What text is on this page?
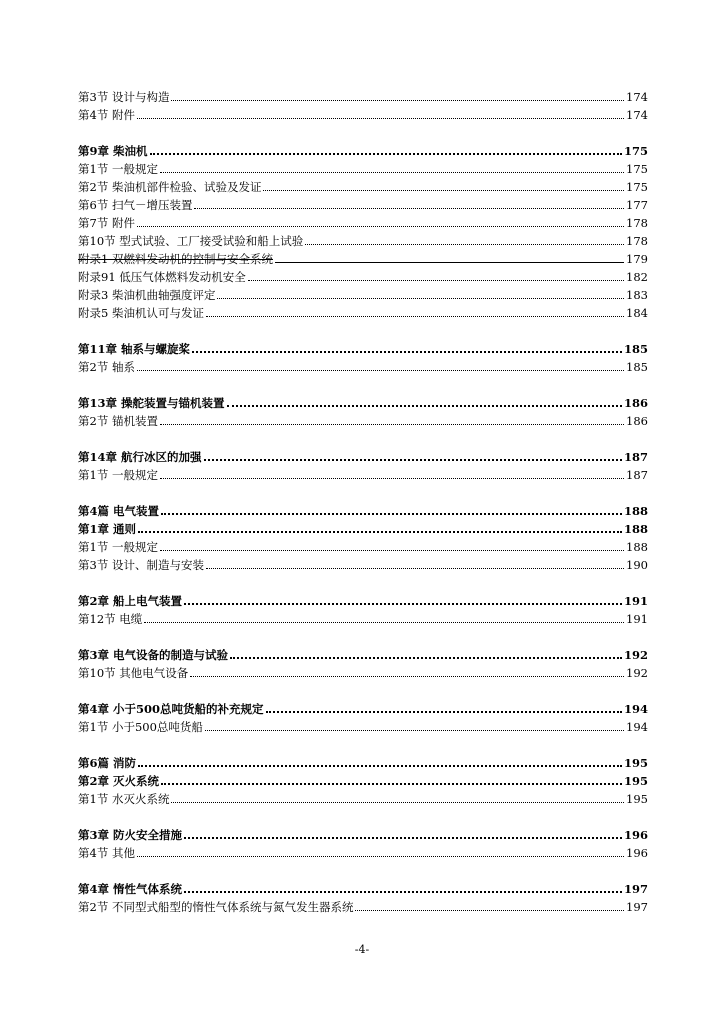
第3节 设计与构造	174
第4节 附件	174
第9章 柴油机	175
第1节 一般规定	175
第2节 柴油机部件检验、试验及发证	175
第6节 扫气－增压装置	177
第7节 附件	178
第10节 型式试验、工厂接受试验和船上试验	178
附录1 双燃料发动机的控制与安全系统	179
附录91 低压气体燃料发动机安全	182
附录3 柴油机曲轴强度评定	183
附录5 柴油机认可与发证	184
第11章 轴系与螺旋桨	185
第2节 轴系	185
第13章 操舵装置与锚机装置	186
第2节 锚机装置	186
第14章 航行冰区的加强	187
第1节 一般规定	187
第4篇 电气装置	188
第1章 通则	188
第1节 一般规定	188
第3节 设计、制造与安装	190
第2章 船上电气装置	191
第12节 电缆	191
第3章 电气设备的制造与试验	192
第10节 其他电气设备	192
第4章 小于500总吨货船的补充规定	194
第1节 小于500总吨货船	194
第6篇 消防	195
第2章 灭火系统	195
第1节 水灭火系统	195
第3章 防火安全措施	196
第4节 其他	196
第4章 惰性气体系统	197
第2节 不同型式船型的惰性气体系统与氮气发生器系统	197
-4-
